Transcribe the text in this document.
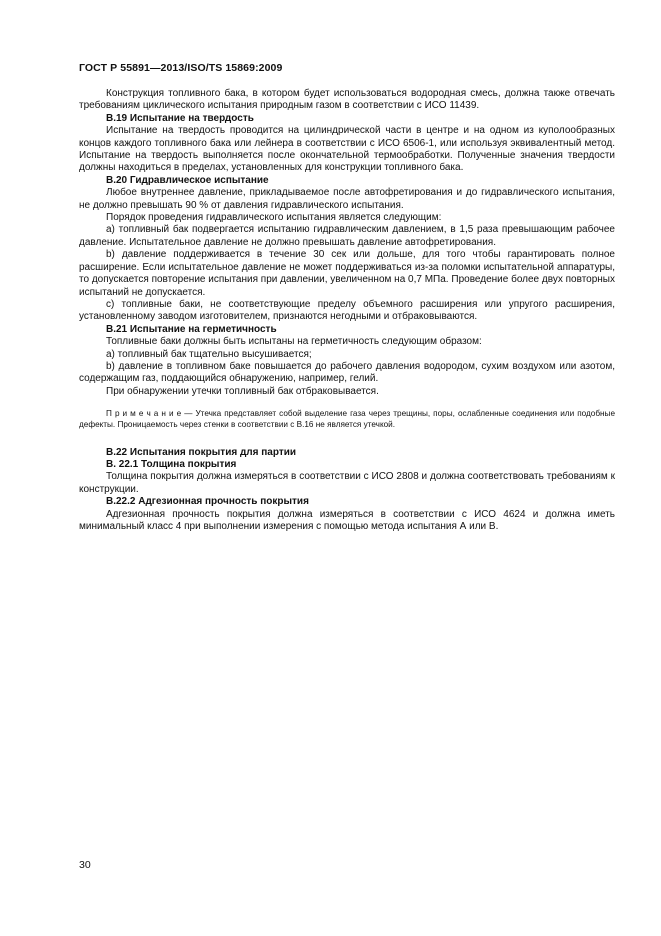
ГОСТ Р 55891—2013/ISO/TS 15869:2009

Конструкция топливного бака, в котором будет использоваться водородная смесь, должна также отвечать требованиям циклического испытания природным газом в соответствии с ИСО 11439.

В.19 Испытание на твердость

Испытание на твердость проводится на цилиндрической части в центре и на одном из куполообразных концов каждого топливного бака или лейнера в соответствии с ИСО 6506-1, или используя эквивалентный метод. Испытание на твердость выполняется после окончательной термообработки. Полученные значения твердости должны находиться в пределах, установленных для конструкции топливного бака.

В.20 Гидравлическое испытание

Любое внутреннее давление, прикладываемое после автофретирования и до гидравлического испытания, не должно превышать 90 % от давления гидравлического испытания.

Порядок проведения гидравлического испытания является следующим:

а) топливный бак подвергается испытанию гидравлическим давлением, в 1,5 раза превышающим рабочее давление. Испытательное давление не должно превышать давление автофретирования.

b) давление поддерживается в течение 30 сек или дольше, для того чтобы гарантировать полное расширение. Если испытательное давление не может поддерживаться из-за поломки испытательной аппаратуры, то допускается повторение испытания при давлении, увеличенном на 0,7 МПа. Проведение более двух повторных испытаний не допускается.

с) топливные баки, не соответствующие пределу объемного расширения или упругого расширения, установленному заводом изготовителем, признаются негодными и отбраковываются.

В.21 Испытание на герметичность

Топливные баки должны быть испытаны на герметичность следующим образом:

а) топливный бак тщательно высушивается;

b) давление в топливном баке повышается до рабочего давления водородом, сухим воздухом или азотом, содержащим газ, поддающийся обнаружению, например, гелий.

При обнаружении утечки топливный бак отбраковывается.

П р и м е ч а н и е — Утечка представляет собой выделение газа через трещины, поры, ослабленные соединения или подобные дефекты. Проницаемость через стенки в соответствии с В.16 не является утечкой.

В.22 Испытания покрытия для партии

В. 22.1 Толщина покрытия

Толщина покрытия должна измеряться в соответствии с ИСО 2808 и должна соответствовать требованиям к конструкции.

В.22.2 Адгезионная прочность покрытия

Адгезионная прочность покрытия должна измеряться в соответствии с ИСО 4624 и должна иметь минимальный класс 4 при выполнении измерения с помощью метода испытания А или В.

30
